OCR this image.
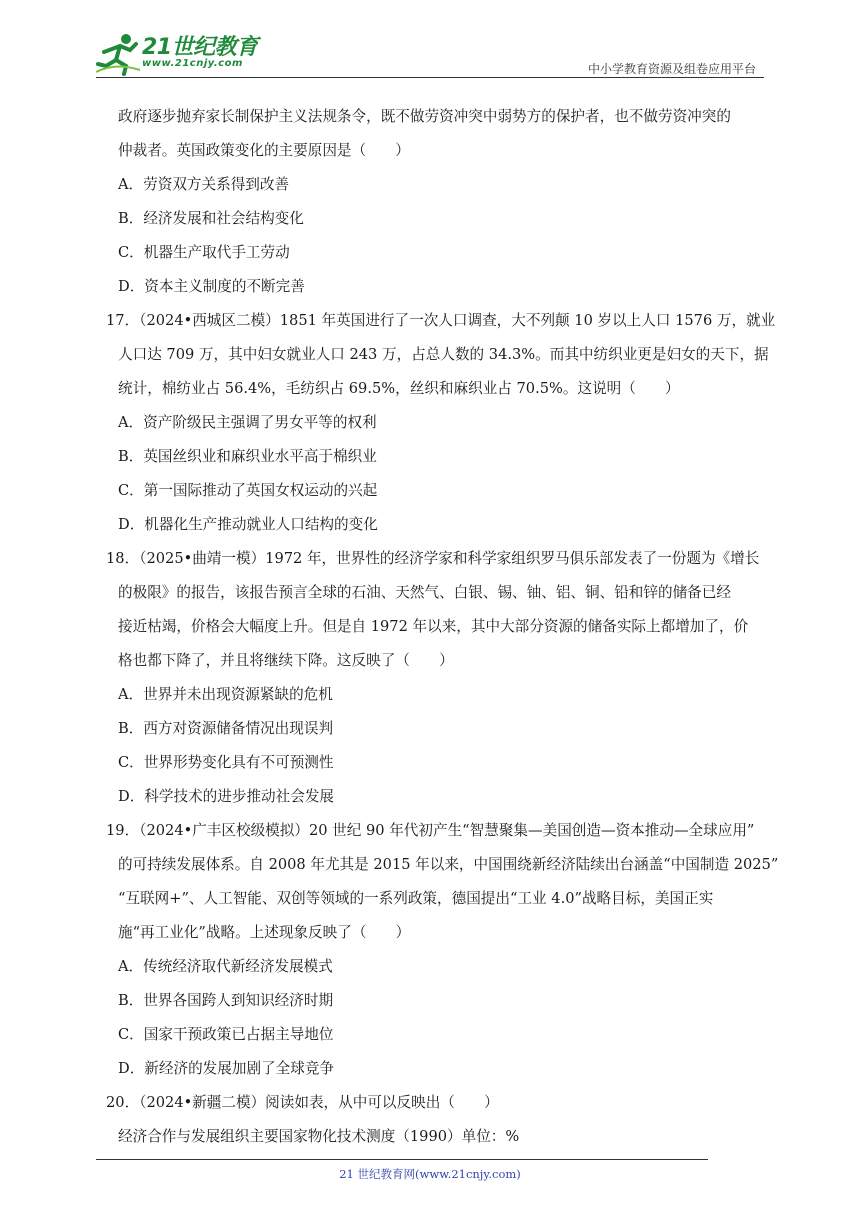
21世纪教育
www.21cnjy.com	中小学教育资源及组卷应用平台
政府逐步抛弃家长制保护主义法规条令，既不做劳资冲突中弱势方的保护者，也不做劳资冲突的
仲裁者。英国政策变化的主要原因是（　　）
A．劳资双方关系得到改善
B．经济发展和社会结构变化
C．机器生产取代手工劳动
D．资本主义制度的不断完善
17．（2024•西城区二模）1851 年英国进行了一次人口调查，大不列颠 10 岁以上人口 1576 万，就业
人口达 709 万，其中妇女就业人口 243 万，占总人数的 34.3%。而其中纺织业更是妇女的天下，据
统计，棉纺业占 56.4%，毛纺织占 69.5%，丝织和麻织业占 70.5%。这说明（　　）
A．资产阶级民主强调了男女平等的权利
B．英国丝织业和麻织业水平高于棉织业
C．第一国际推动了英国女权运动的兴起
D．机器化生产推动就业人口结构的变化
18．（2025•曲靖一模）1972 年，世界性的经济学家和科学家组织罗马俱乐部发表了一份题为《增长
的极限》的报告，该报告预言全球的石油、天然气、白银、锡、铀、铝、铜、铅和锌的储备已经
接近枯竭，价格会大幅度上升。但是自 1972 年以来，其中大部分资源的储备实际上都增加了，价
格也都下降了，并且将继续下降。这反映了（　　）
A．世界并未出现资源紧缺的危机
B．西方对资源储备情况出现误判
C．世界形势变化具有不可预测性
D．科学技术的进步推动社会发展
19．（2024•广丰区校级模拟）20 世纪 90 年代初产生“智慧聚集—美国创造—资本推动—全球应用”
的可持续发展体系。自 2008 年尤其是 2015 年以来，中国围绕新经济陆续出台涵盖“中国制造 2025”
“互联网+”、人工智能、双创等领域的一系列政策，德国提出“工业 4.0”战略目标，美国正实
施“再工业化”战略。上述现象反映了（　　）
A．传统经济取代新经济发展模式
B．世界各国跨人到知识经济时期
C．国家干预政策已占据主导地位
D．新经济的发展加剧了全球竞争
20．（2024•新疆二模）阅读如表，从中可以反映出（　　）
经济合作与发展组织主要国家物化技术测度（1990）单位：%
21 世纪教育网(www.21cnjy.com)
